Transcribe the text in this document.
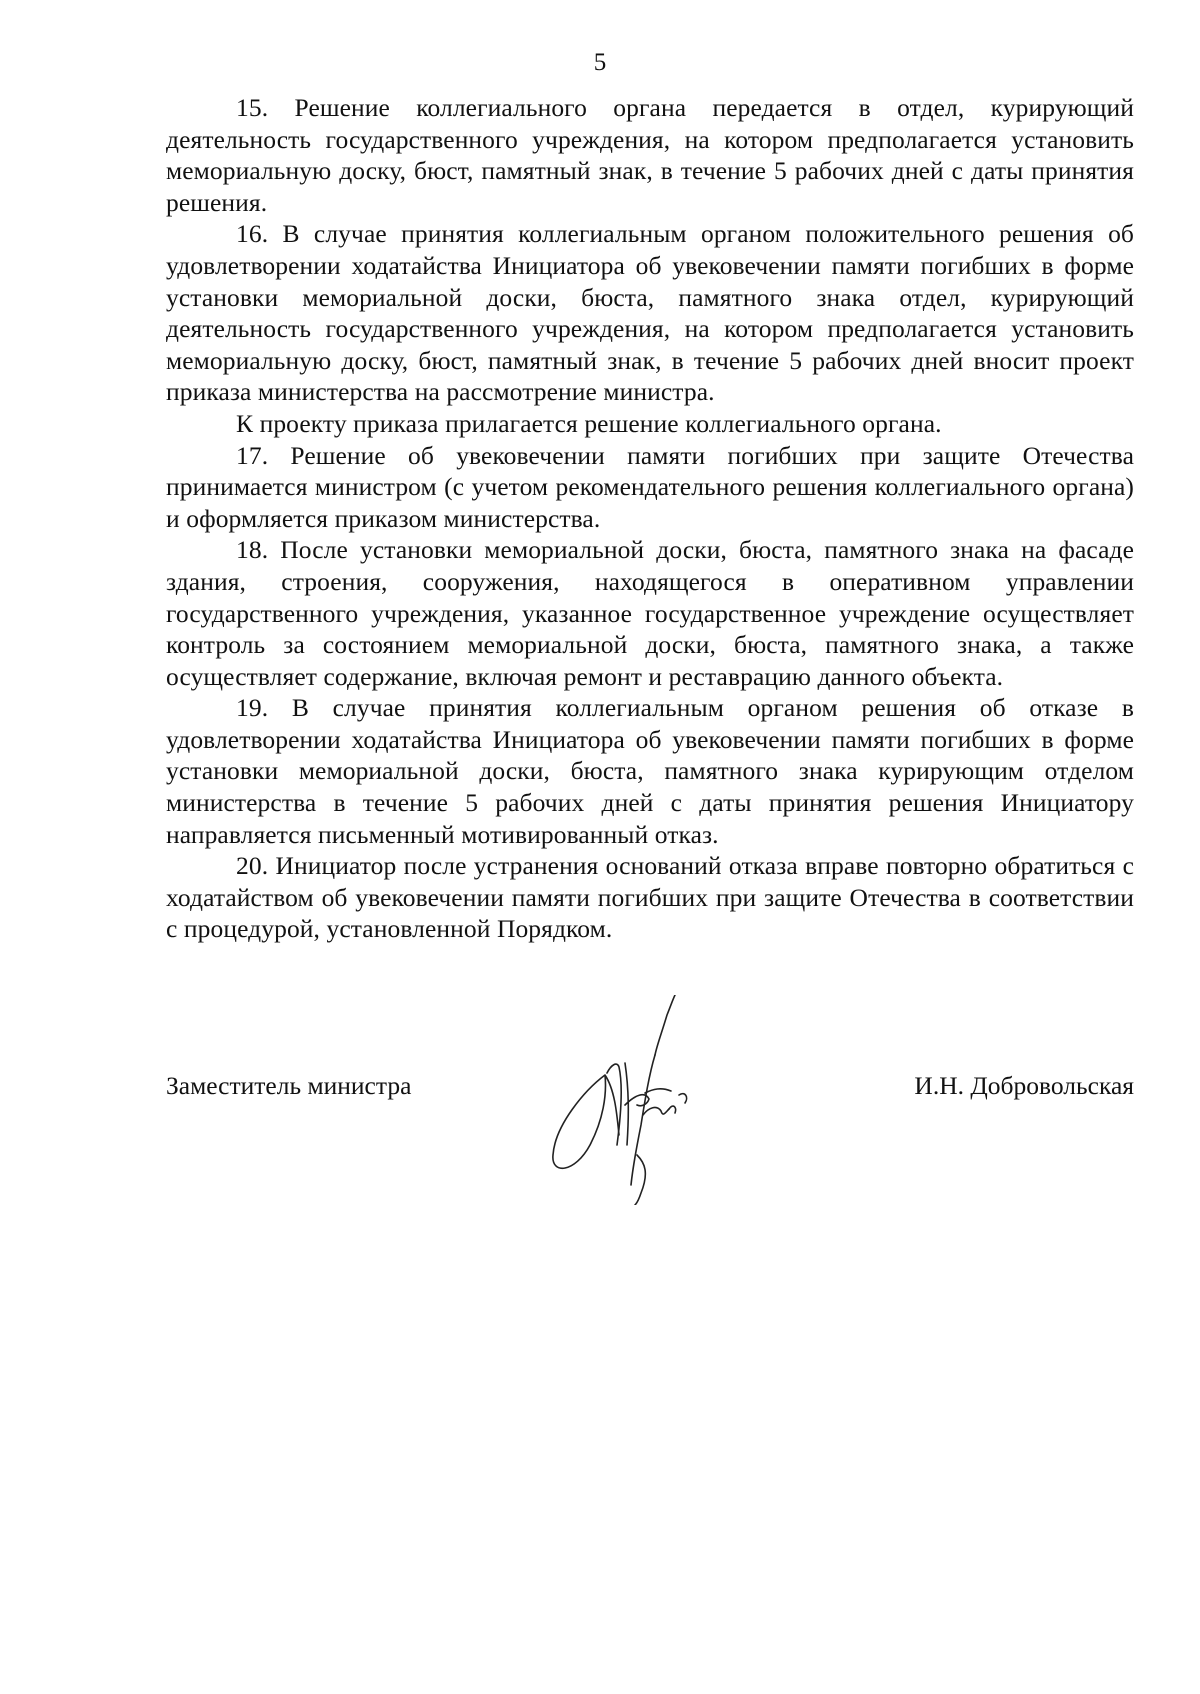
5

15. Решение коллегиального органа передается в отдел, курирующий деятельность государственного учреждения, на котором предполагается установить мемориальную доску, бюст, памятный знак, в течение 5 рабочих дней с даты принятия решения.

16. В случае принятия коллегиальным органом положительного решения об удовлетворении ходатайства Инициатора об увековечении памяти погибших в форме установки мемориальной доски, бюста, памятного знака отдел, курирующий деятельность государственного учреждения, на котором предполагается установить мемориальную доску, бюст, памятный знак, в течение 5 рабочих дней вносит проект приказа министерства на рассмотрение министра.

К проекту приказа прилагается решение коллегиального органа.

17. Решение об увековечении памяти погибших при защите Отечества принимается министром (с учетом рекомендательного решения коллегиального органа) и оформляется приказом министерства.

18. После установки мемориальной доски, бюста, памятного знака на фасаде здания, строения, сооружения, находящегося в оперативном управлении государственного учреждения, указанное государственное учреждение осуществляет контроль за состоянием мемориальной доски, бюста, памятного знака, а также осуществляет содержание, включая ремонт и реставрацию данного объекта.

19. В случае принятия коллегиальным органом решения об отказе в удовлетворении ходатайства Инициатора об увековечении памяти погибших в форме установки мемориальной доски, бюста, памятного знака курирующим отделом министерства в течение 5 рабочих дней с даты принятия решения Инициатору направляется письменный мотивированный отказ.

20. Инициатор после устранения оснований отказа вправе повторно обратиться с ходатайством об увековечении памяти погибших при защите Отечества в соответствии с процедурой, установленной Порядком.

Заместитель министра	И.Н. Добровольская
